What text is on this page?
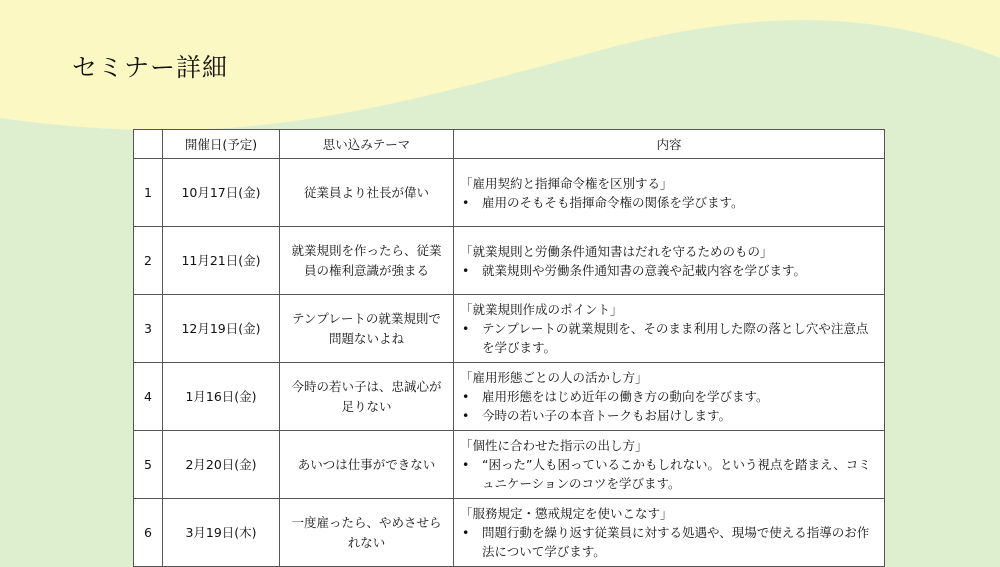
セミナー詳細
	開催日(予定)	思い込みテーマ	内容
1	10月17日(金)	従業員より社長が偉い	「雇用契約と指揮命令権を区別する」
• 雇用のそもそも指揮命令権の関係を学びます。

2	11月21日(金)	就業規則を作ったら、従業員の権利意識が強まる	「就業規則と労働条件通知書はだれを守るためのもの」
• 就業規則や労働条件通知書の意義や記載内容を学びます。

3	12月19日(金)	テンプレートの就業規則で問題ないよね	「就業規則作成のポイント」
• テンプレートの就業規則を、そのまま利用した際の落とし穴や注意点を学びます。

4	1月16日(金)	今時の若い子は、忠誠心が足りない	「雇用形態ごとの人の活かし方」
• 雇用形態をはじめ近年の働き方の動向を学びます。
• 今時の若い子の本音トークもお届けします。

5	2月20日(金)	あいつは仕事ができない	「個性に合わせた指示の出し方」
• “困った”人も困っているこかもしれない。という視点を踏まえ、コミュニケーションのコツを学びます。

6	3月19日(木)	一度雇ったら、やめさせられない	「服務規定・懲戒規定を使いこなす」
• 問題行動を繰り返す従業員に対する処遇や、現場で使える指導のお作法について学びます。
